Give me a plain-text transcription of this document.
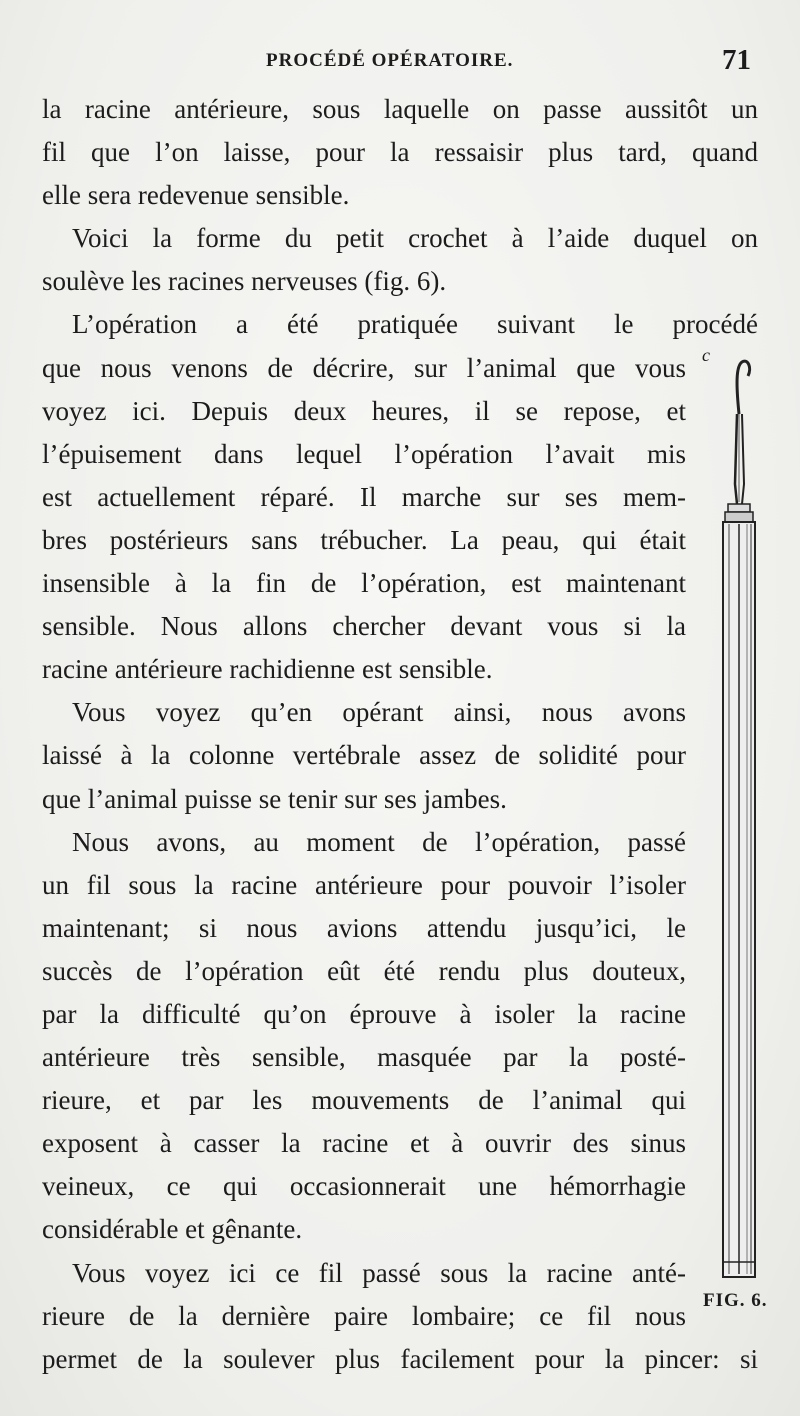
PROCÉDÉ OPÉRATOIRE.	71
la racine antérieure, sous laquelle on passe aussitôt un
fil que l’on laisse, pour la ressaisir plus tard, quand
elle sera redevenue sensible.
Voici la forme du petit crochet à l’aide duquel on
soulève les racines nerveuses (fig. 6).
L’opération a été pratiquée suivant le procédé
que nous venons de décrire, sur l’animal que vous
voyez ici. Depuis deux heures, il se repose, et
l’épuisement dans lequel l’opération l’avait mis
est actuellement réparé. Il marche sur ses mem-
bres postérieurs sans trébucher. La peau, qui était
insensible à la fin de l’opération, est maintenant
sensible. Nous allons chercher devant vous si la
racine antérieure rachidienne est sensible.
Vous voyez qu’en opérant ainsi, nous avons
laissé à la colonne vertébrale assez de solidité pour
que l’animal puisse se tenir sur ses jambes.
Nous avons, au moment de l’opération, passé
un fil sous la racine antérieure pour pouvoir l’isoler
maintenant; si nous avions attendu jusqu’ici, le
succès de l’opération eût été rendu plus douteux,
par la difficulté qu’on éprouve à isoler la racine
antérieure très sensible, masquée par la posté-
rieure, et par les mouvements de l’animal qui
exposent à casser la racine et à ouvrir des sinus
veineux, ce qui occasionnerait une hémorrhagie
considérable et gênante.
Vous voyez ici ce fil passé sous la racine anté-
rieure de la dernière paire lombaire; ce fil nous
permet de la soulever plus facilement pour la pincer: si
c
FIG. 6.
